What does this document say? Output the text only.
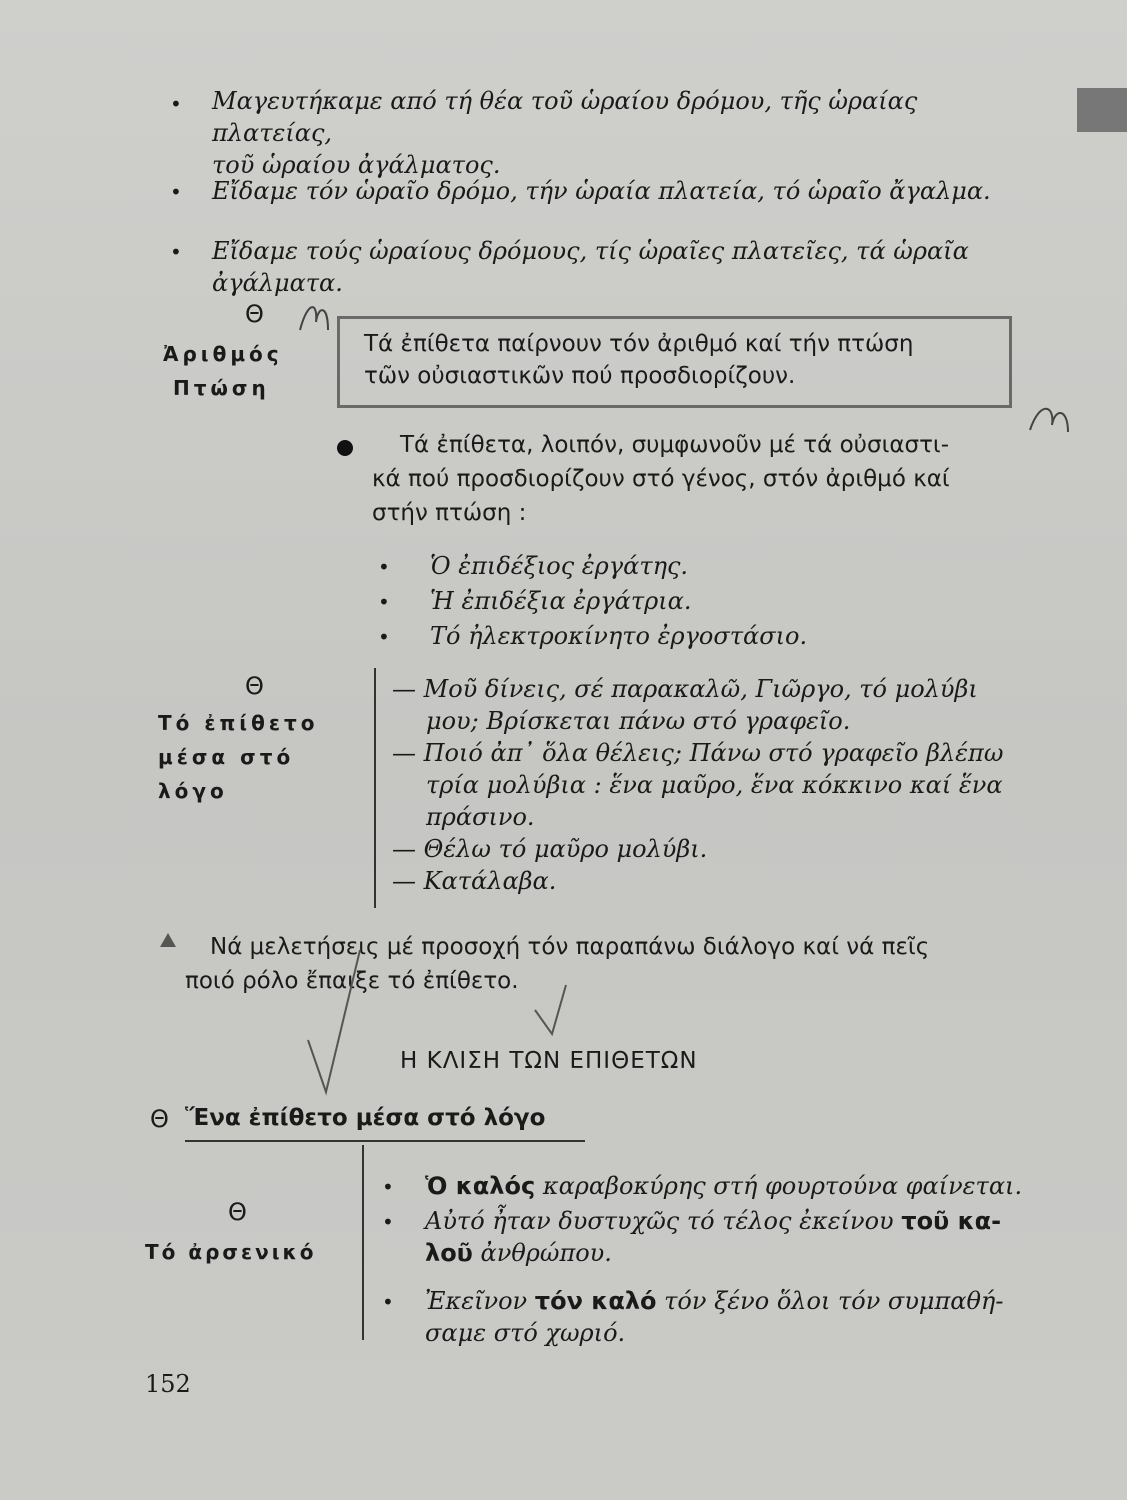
• Μαγευτήκαμε από τή θέα τοῦ ὡραίου δρόμου, τῆς ὡραίας πλατείας,
τοῦ ὡραίου ἀγάλματος.
• Εἴδαμε τόν ὡραῖο δρόμο, τήν ὡραία πλατεία, τό ὡραῖο ἄγαλμα.
• Εἴδαμε τούς ὡραίους δρόμους, τίς ὡραῖες πλατεῖες, τά ὡραῖα ἀγάλματα.
Θ
Ἀριθμός
Πτώση
Τά ἐπίθετα παίρνουν τόν ἀριθμό καί τήν πτώση
τῶν οὐσιαστικῶν πού προσδιορίζουν.
Τά ἐπίθετα, λοιπόν, συμφωνοῦν μέ τά οὐσιαστι-
κά πού προσδιορίζουν στό γένος, στόν ἀριθμό καί
στήν πτώση :
• Ὁ ἐπιδέξιος ἐργάτης.
• Ἡ ἐπιδέξια ἐργάτρια.
• Τό ἠλεκτροκίνητο ἐργοστάσιο.
Θ
Τό ἐπίθετο
μέσα στό
λόγο
— Μοῦ δίνεις, σέ παρακαλῶ, Γιῶργο, τό μολύβι
μου; Βρίσκεται πάνω στό γραφεῖο.
— Ποιό ἀπ᾽ ὅλα θέλεις; Πάνω στό γραφεῖο βλέπω
τρία μολύβια : ἕνα μαῦρο, ἕνα κόκκινο καί ἕνα
πράσινο.
— Θέλω τό μαῦρο μολύβι.
— Κατάλαβα.
Νά μελετήσεις μέ προσοχή τόν παραπάνω διάλογο καί νά πεῖς
ποιό ρόλο ἔπαιξε τό ἐπίθετο.
Η ΚΛΙΣΗ ΤΩΝ ΕΠΙΘΕΤΩΝ
Θ Ἕνα ἐπίθετο μέσα στό λόγο
Θ
Τό ἀρσενικό
• Ὁ καλός καραβοκύρης στή φουρτούνα φαίνεται.
• Αὐτό ἦταν δυστυχῶς τό τέλος ἐκείνου τοῦ κα-
λοῦ ἀνθρώπου.
• Ἐκεῖνον τόν καλό τόν ξένο ὅλοι τόν συμπαθή-
σαμε στό χωριό.
152
